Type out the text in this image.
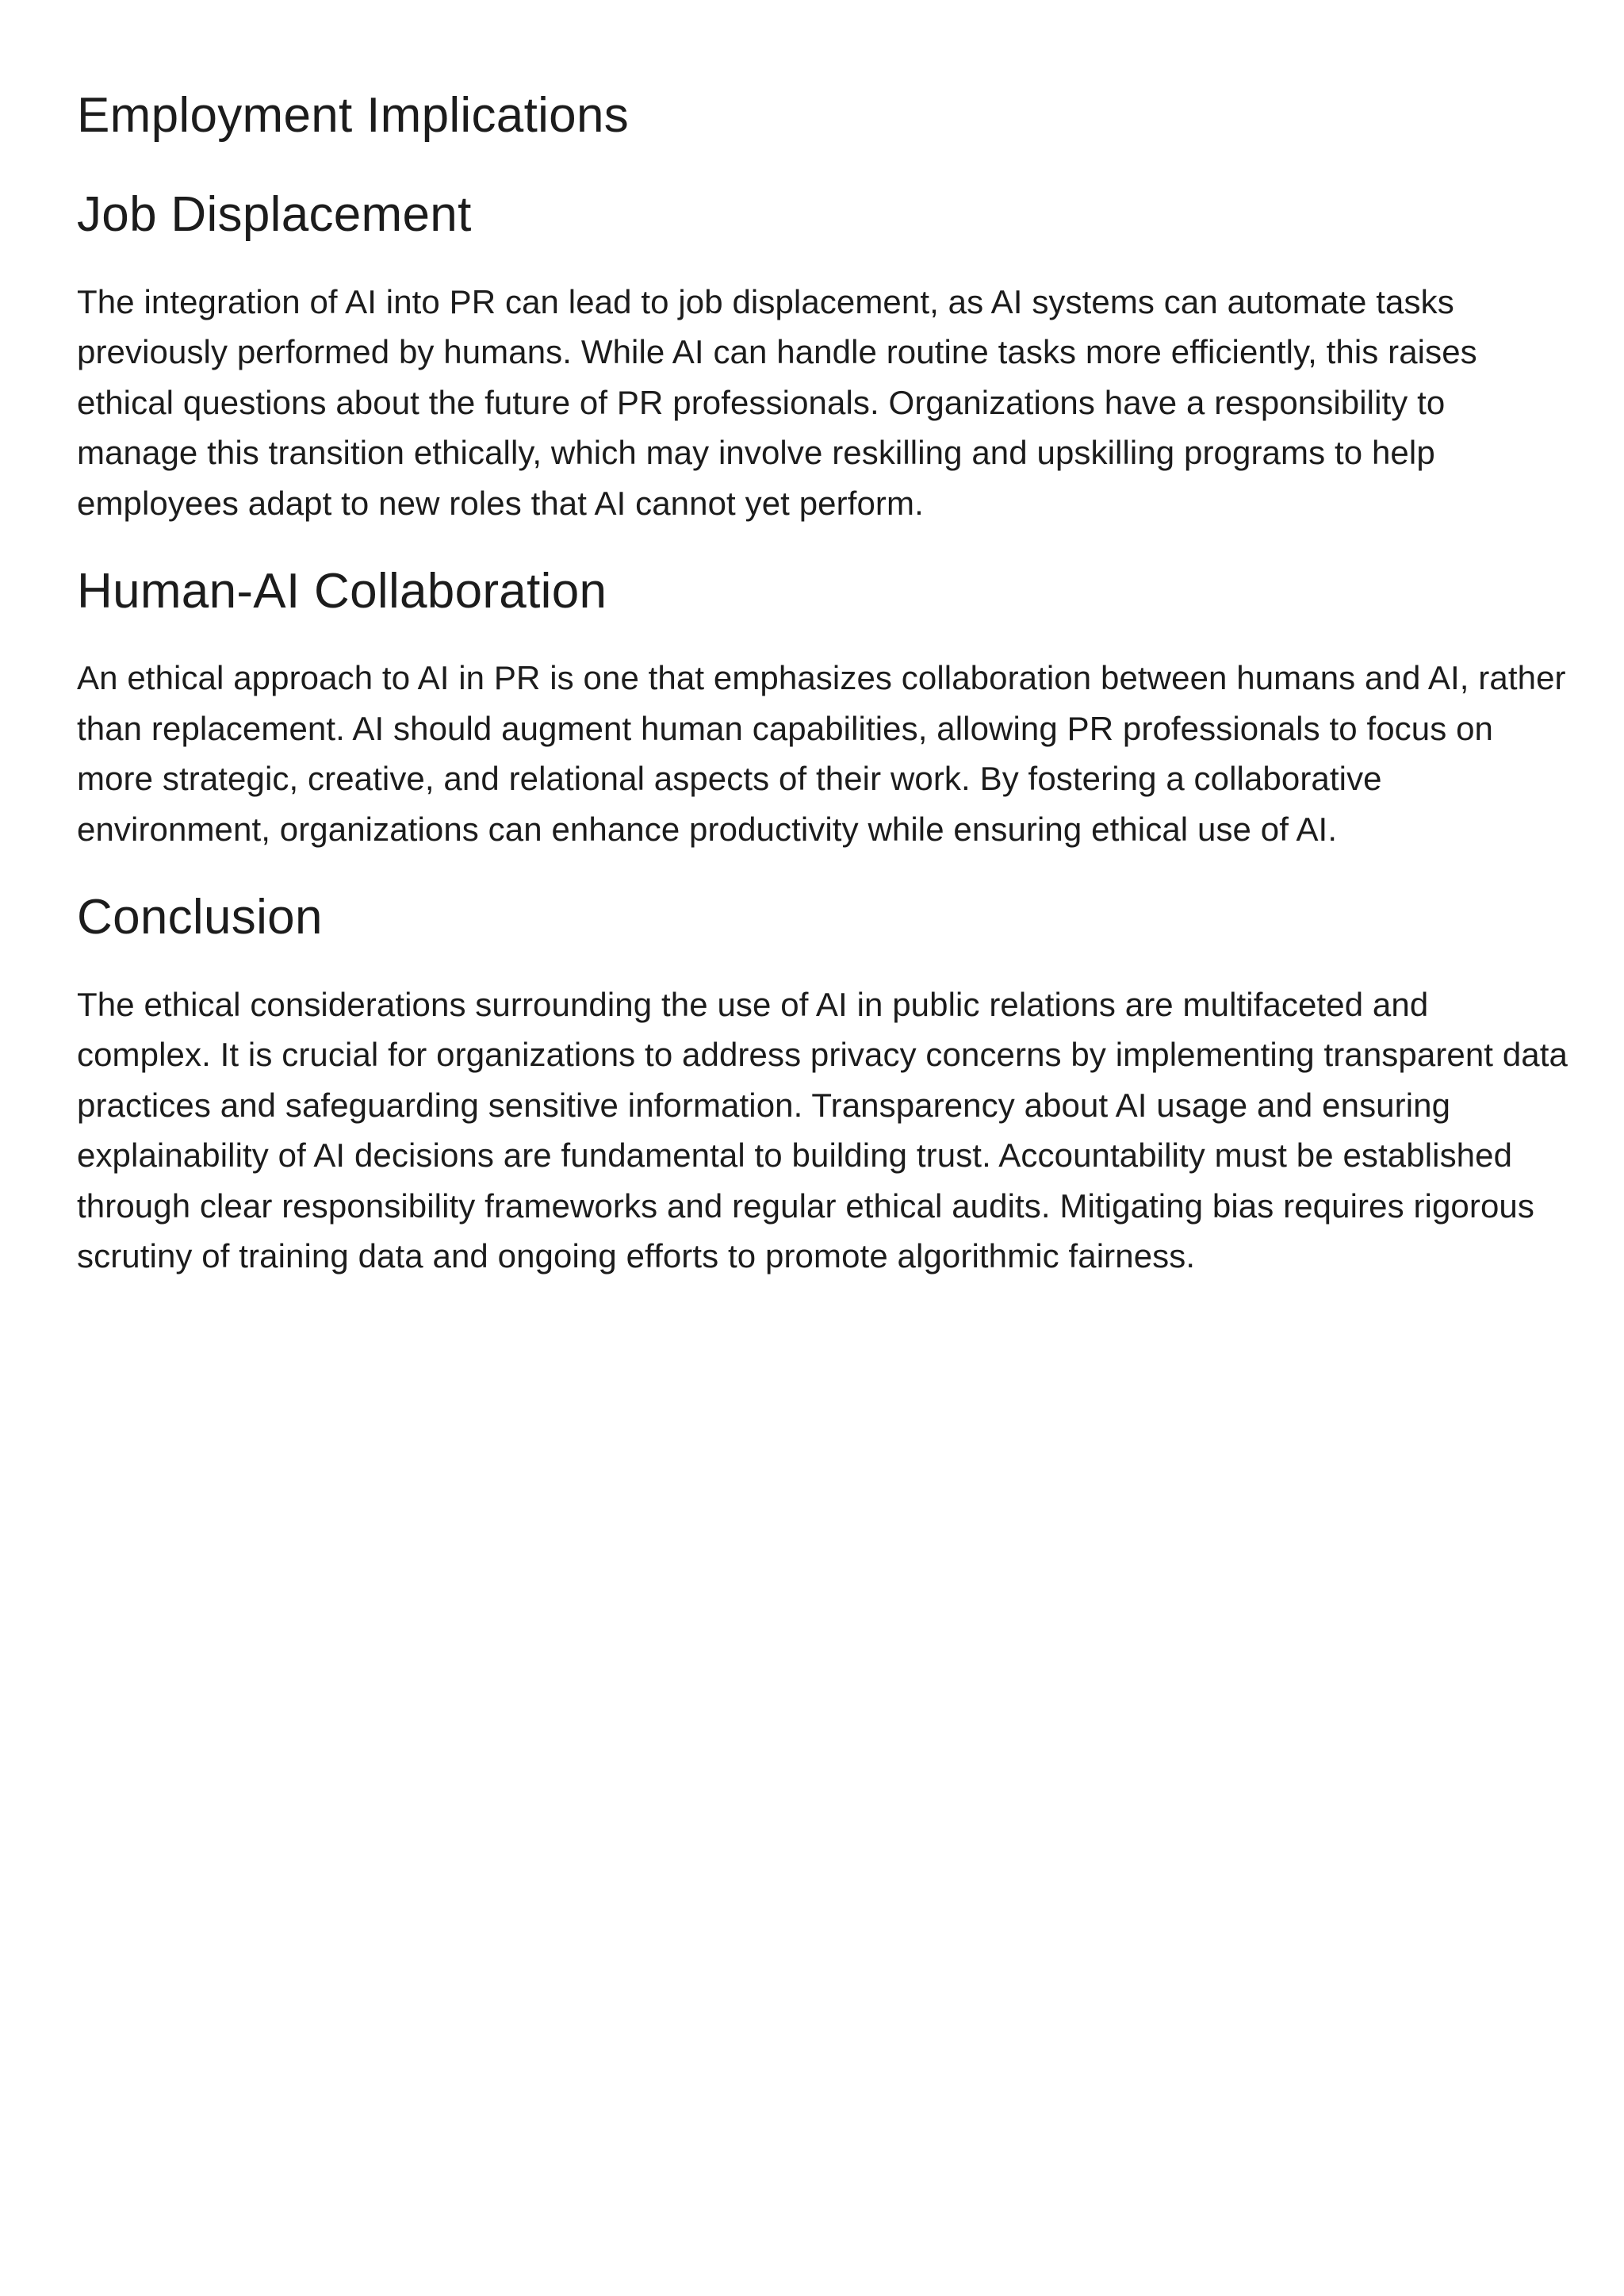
Employment Implications
Job Displacement

The integration of AI into PR can lead to job displacement, as AI systems can automate tasks previously performed by humans. While AI can handle routine tasks more efficiently, this raises ethical questions about the future of PR professionals. Organizations have a responsibility to manage this transition ethically, which may involve reskilling and upskilling programs to help employees adapt to new roles that AI cannot yet perform.

Human-AI Collaboration

An ethical approach to AI in PR is one that emphasizes collaboration between humans and AI, rather than replacement. AI should augment human capabilities, allowing PR professionals to focus on more strategic, creative, and relational aspects of their work. By fostering a collaborative environment, organizations can enhance productivity while ensuring ethical use of AI.

Conclusion

The ethical considerations surrounding the use of AI in public relations are multifaceted and complex. It is crucial for organizations to address privacy concerns by implementing transparent data practices and safeguarding sensitive information. Transparency about AI usage and ensuring explainability of AI decisions are fundamental to building trust. Accountability must be established through clear responsibility frameworks and regular ethical audits. Mitigating bias requires rigorous scrutiny of training data and ongoing efforts to promote algorithmic fairness.
